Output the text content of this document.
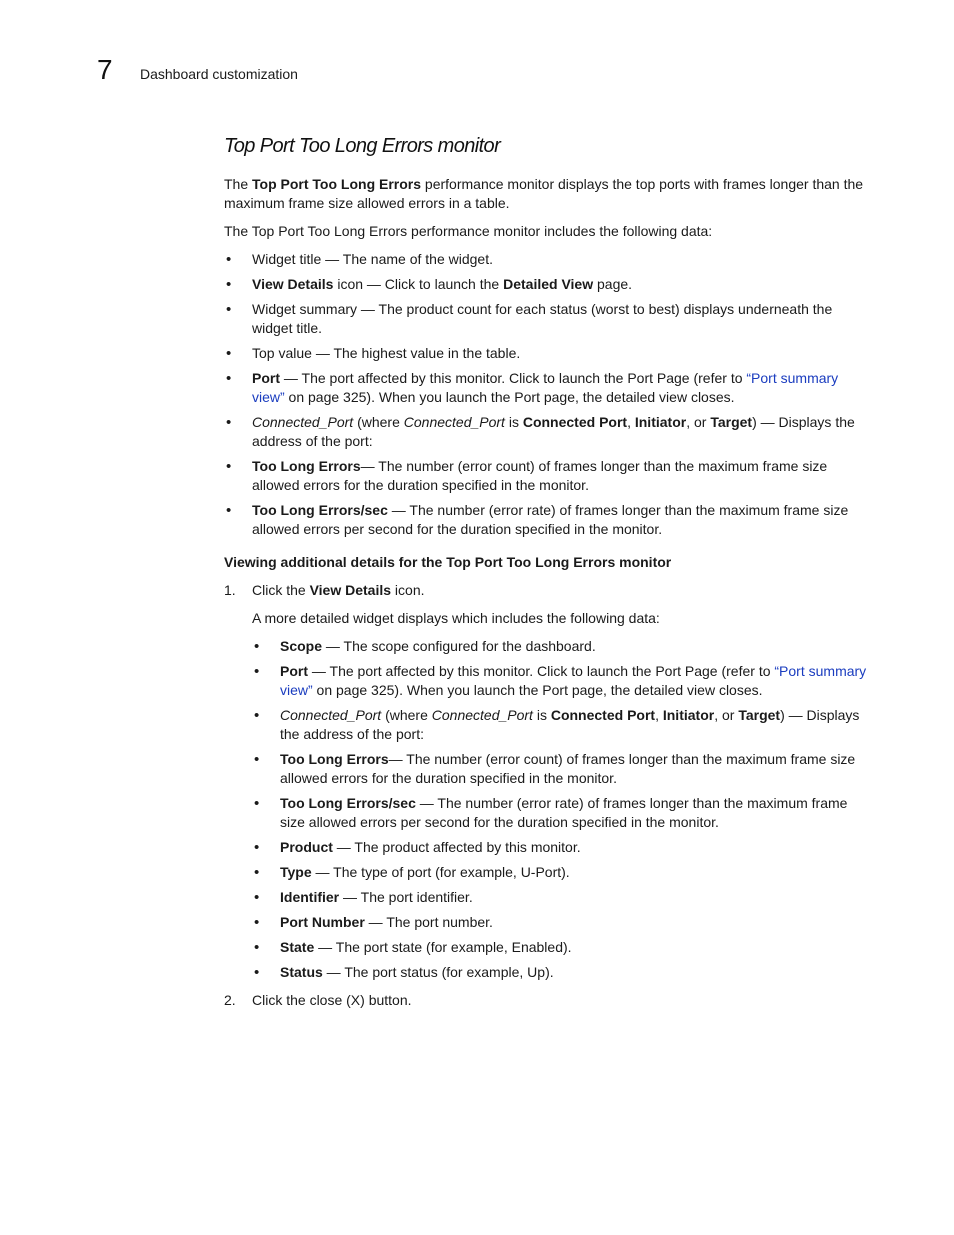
7 Dashboard customization
Top Port Too Long Errors monitor

The Top Port Too Long Errors performance monitor displays the top ports with frames longer than the maximum frame size allowed errors in a table.

The Top Port Too Long Errors performance monitor includes the following data:

• Widget title — The name of the widget.
• View Details icon — Click to launch the Detailed View page.
• Widget summary — The product count for each status (worst to best) displays underneath the widget title.
• Top value — The highest value in the table.
• Port — The port affected by this monitor. Click to launch the Port Page (refer to “Port summary view” on page 325). When you launch the Port page, the detailed view closes.
• Connected_Port (where Connected_Port is Connected Port, Initiator, or Target) — Displays the address of the port:
• Too Long Errors— The number (error count) of frames longer than the maximum frame size allowed errors for the duration specified in the monitor.
• Too Long Errors/sec — The number (error rate) of frames longer than the maximum frame size allowed errors per second for the duration specified in the monitor.
Viewing additional details for the Top Port Too Long Errors monitor
1. Click the View Details icon.
A more detailed widget displays which includes the following data:
• Scope — The scope configured for the dashboard.
• Port — The port affected by this monitor. Click to launch the Port Page (refer to “Port summary view” on page 325). When you launch the Port page, the detailed view closes.
• Connected_Port (where Connected_Port is Connected Port, Initiator, or Target) — Displays the address of the port:
• Too Long Errors— The number (error count) of frames longer than the maximum frame size allowed errors for the duration specified in the monitor.
• Too Long Errors/sec — The number (error rate) of frames longer than the maximum frame size allowed errors per second for the duration specified in the monitor.
• Product — The product affected by this monitor.
• Type — The type of port (for example, U-Port).
• Identifier — The port identifier.
• Port Number — The port number.
• State — The port state (for example, Enabled).
• Status — The port status (for example, Up).
2. Click the close (X) button.
